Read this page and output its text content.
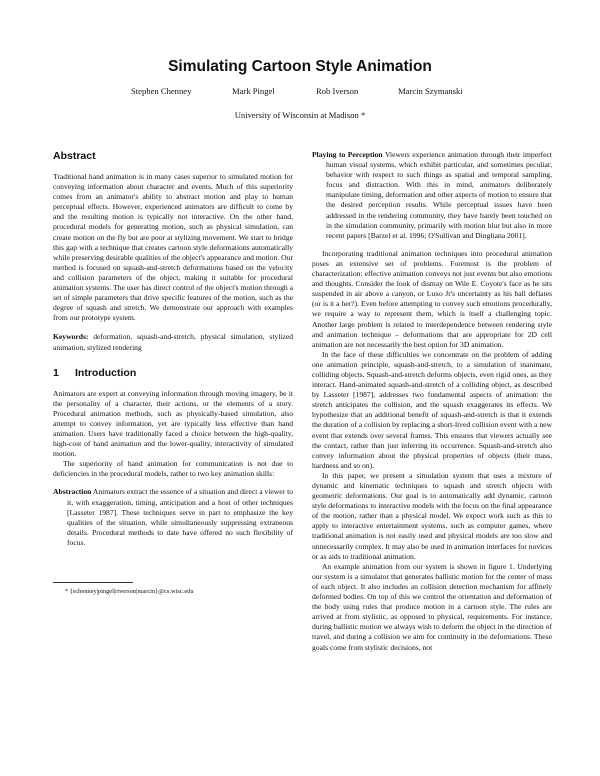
Simulating Cartoon Style Animation
Stephen Chenney	Mark Pingel	Rob Iverson	Marcin Szymanski
University of Wisconsin at Madison *
Abstract

Traditional hand animation is in many cases superior to simulated motion for conveying information about character and events. Much of this superiority comes from an animator's ability to abstract motion and play to human perceptual effects. However, experienced animators are difficult to come by and the resulting motion is typically not interactive. On the other hand, procedural models for generating motion, such as physical simulation, can create motion on the fly but are poor at stylizing movement. We start to bridge this gap with a technique that creates cartoon style deformations automatically while preserving desirable qualities of the object's appearance and motion. Our method is focused on squash-and-stretch deformations based on the velocity and collision parameters of the object, making it suitable for procedural animation systems. The user has direct control of the object's motion through a set of simple parameters that drive specific features of the motion, such as the degree of squash and stretch. We demonstrate our approach with examples from our prototype system.

Keywords: deformation, squash-and-stretch, physical simulation, stylized animation, stylized rendering

1 Introduction

Animators are expert at conveying information through moving imagery, be it the personality of a character, their actions, or the elements of a story. Procedural animation methods, such as physically-based simulation, also attempt to convey information, yet are typically less effective than hand animation. Users have traditionally faced a choice between the high-quality, high-cost of hand animation and the lower-quality, interactivity of simulated motion.

The superiority of hand animation for communication is not due to deficiencies in the procedural models, rather to two key animation skills:

Abstraction Animators extract the essence of a situation and direct a viewer to it, with exaggeration, timing, anticipation and a host of other techniques [Lasseter 1987]. These techniques serve in part to emphasize the key qualities of the situation, while simultaneously suppressing extraneous details. Procedural methods to date have offered no such flexibility of focus.

* {schenney|pingel|riverson|marcin}@cs.wisc.edu

Playing to Perception Viewers experience animation through their imperfect human visual systems, which exhibit particular, and sometimes peculiar, behavior with respect to such things as spatial and temporal sampling, focus and distraction. With this in mind, animators deliberately manipulate timing, deformation and other aspects of motion to ensure that the desired perception results. While perceptual issues have been addressed in the rendering community, they have barely been touched on in the simulation community, primarily with motion blur but also in more recent papers [Barzel et al. 1996; O'Sullivan and Dingliana 2001].

Incorporating traditional animation techniques into procedural animation poses an extensive set of problems. Foremost is the problem of characterization: effective animation conveys not just events but also emotions and thoughts. Consider the look of dismay on Wile E. Coyote's face as he sits suspended in air above a canyon, or Luxo Jr's uncertainty as his ball deflates (or is it a her?). Even before attempting to convey such emotions procedurally, we require a way to represent them, which is itself a challenging topic. Another large problem is related to interdependence between rendering style and animation technique – deformations that are appropriate for 2D cell animation are not necessarily the best option for 3D animation.

In the face of these difficulties we concentrate on the problem of adding one animation principle, squash-and-stretch, to a simulation of inanimate, colliding objects. Squash-and-stretch deforms objects, even rigid ones, as they interact. Hand-animated squash-and-stretch of a colliding object, as described by Lasseter [1987], addresses two fundamental aspects of animation: the stretch anticipates the collision, and the squash exaggerates its effects. We hypothesize that an additional benefit of squash-and-stretch is that it extends the duration of a collision by replacing a short-lived collision event with a new event that extends over several frames. This ensures that viewers actually see the contact, rather than just inferring its occurrence. Squash-and-stretch also convey information about the physical properties of objects (their mass, hardness and so on).

In this paper, we present a simulation system that uses a mixture of dynamic and kinematic techniques to squash and stretch objects with geometric deformations. Our goal is to automatically add dynamic, cartoon style deformations to interactive models with the focus on the final appearance of the motion, rather than a physical model. We expect work such as this to apply to interactive entertainment systems, such as computer games, where traditional animation is not easily used and physical models are too slow and unnecessarily complex. It may also be used in animation interfaces for novices or as aids to traditional animation.

An example animation from our system is shown in figure 1. Underlying our system is a simulator that generates ballistic motion for the center of mass of each object. It also includes an collision detection mechanism for affinely deformed bodies. On top of this we control the orientation and deformation of the body using rules that produce motion in a cartoon style. The rules are arrived at from stylistic, as opposed to physical, requirements. For instance, during ballistic motion we always wish to deform the object in the direction of travel, and during a collision we aim for continuity in the deformations. These goals come from stylistic decisions, not
